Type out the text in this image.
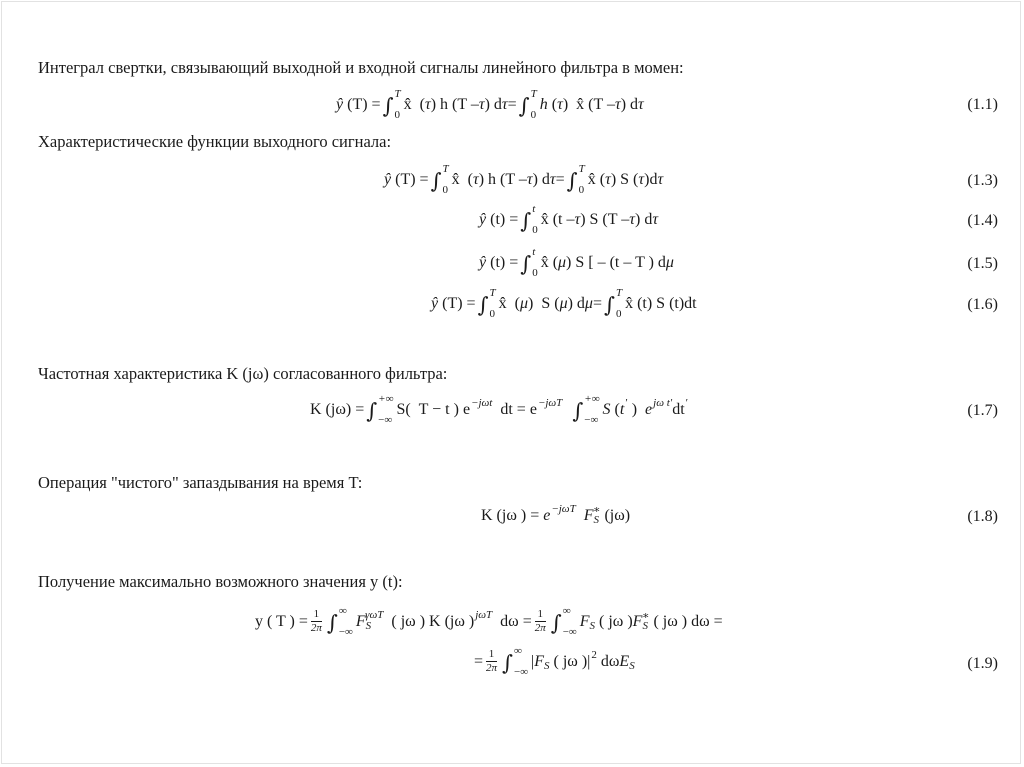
Интеграл свертки, связывающий выходной и входной сигналы линейного фильтра в момен:
ŷ (T) = ∫ T
0
x̂  ( τ ) h (T – τ ) d τ = ∫ T
0
h ( τ )  x̂ (T – τ ) d τ	(1.1)
Характеристические функции выходного сигнала:
ŷ (T) = ∫ T
0
x̂  ( τ ) h (T – τ ) d τ = ∫ T
0
x̂ ( τ ) S ( τ )d τ	(1.3)
ŷ (t) = ∫ t
0
x̂ (t – τ ) S (T – τ ) d τ	(1.4)
ŷ (t) = ∫ t
0
x̂ ( μ ) S [ – (t – T ) d μ	(1.5)
ŷ (T) = ∫ T
0
x̂  ( μ )  S ( μ ) d μ = ∫ T
0
x̂ (t) S (t)dt	(1.6)
Частотная характеристика K (jω) согласованного фильтра:
K (jω) = ∫ +∞
−∞
S(  T − t ) e −jωt dt = e −jωT
∫ +∞
−∞
S ( t ′ ) e jω t′ dt ′	(1.7)
Операция "чистого" запаздывания на время T:
K (jω ) = e −jωT
F S
∗ (jω)	(1.8)
Получение максимально возможного значения y (t):
y ( T ) = $\frac{1}{2\pi}$ ∫ ∞
−∞
F S
γωT ( jω ) K (jω ) jωT $d\omega = \frac{1}{2\pi}$ ∫ ∞
−∞
F S ( jω ) F S
∗ ( jω ) dω =
= $\frac{1}{2\pi}$ ∫ ∞
−∞
| F S ( jω )| 2 dω E S	(1.9)
